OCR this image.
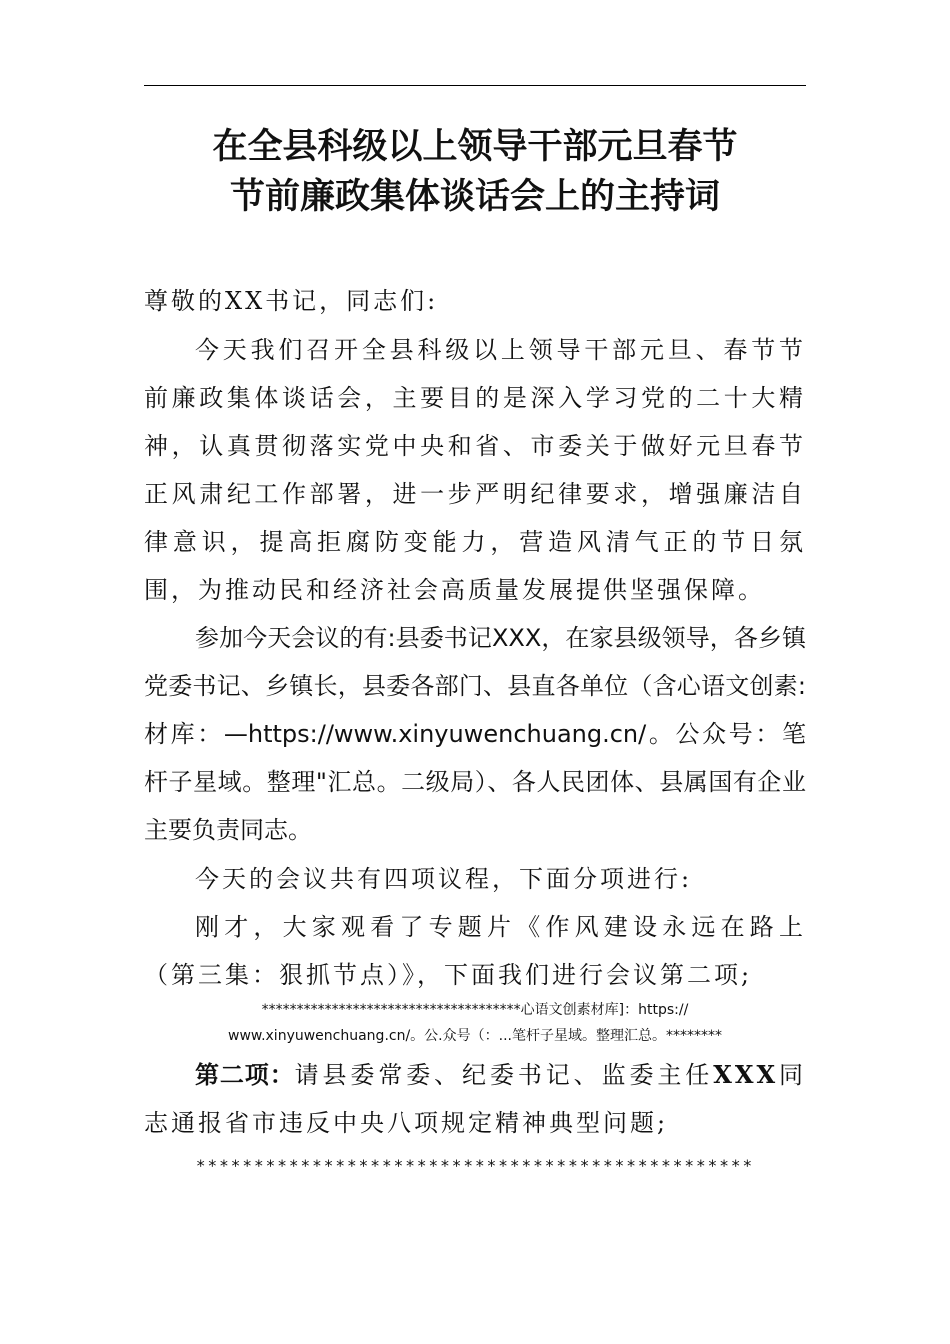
在全县科级以上领导干部元旦春节
节前廉政集体谈话会上的主持词

尊敬的XX书记，同志们:

今天我们召开全县科级以上领导干部元旦、春节节前廉政集体谈话会，主要目的是深入学习党的二十大精神，认真贯彻落实党中央和省、市委关于做好元旦春节正风肃纪工作部署，进一步严明纪律要求，增强廉洁自律意识，提高拒腐防变能力，营造风清气正的节日氛围，为推动民和经济社会高质量发展提供坚强保障。

参加今天会议的有:县委书记XXX，在家县级领导，各乡镇党委书记、乡镇长，县委各部门、县直各单位（含心语文创素:材库：—https://www.xinyuwenchuang.cn/。公众号：笔杆子星域。整理"汇总。二级局）、各人民团体、县属国有企业主要负责同志。

今天的会议共有四项议程，下面分项进行:

刚才，大家观看了专题片《作风建设永远在路上（第三集：狠抓节点）》，下面我们进行会议第二项;

*************************************心语文创素材库]：https://
www.xinyuwenchuang.cn/。公.众号（：...笔杆子星域。整理汇总。********

第二项：请县委常委、纪委书记、监委主任XXX同志通报省市违反中央八项规定精神典型问题;

************************************************
